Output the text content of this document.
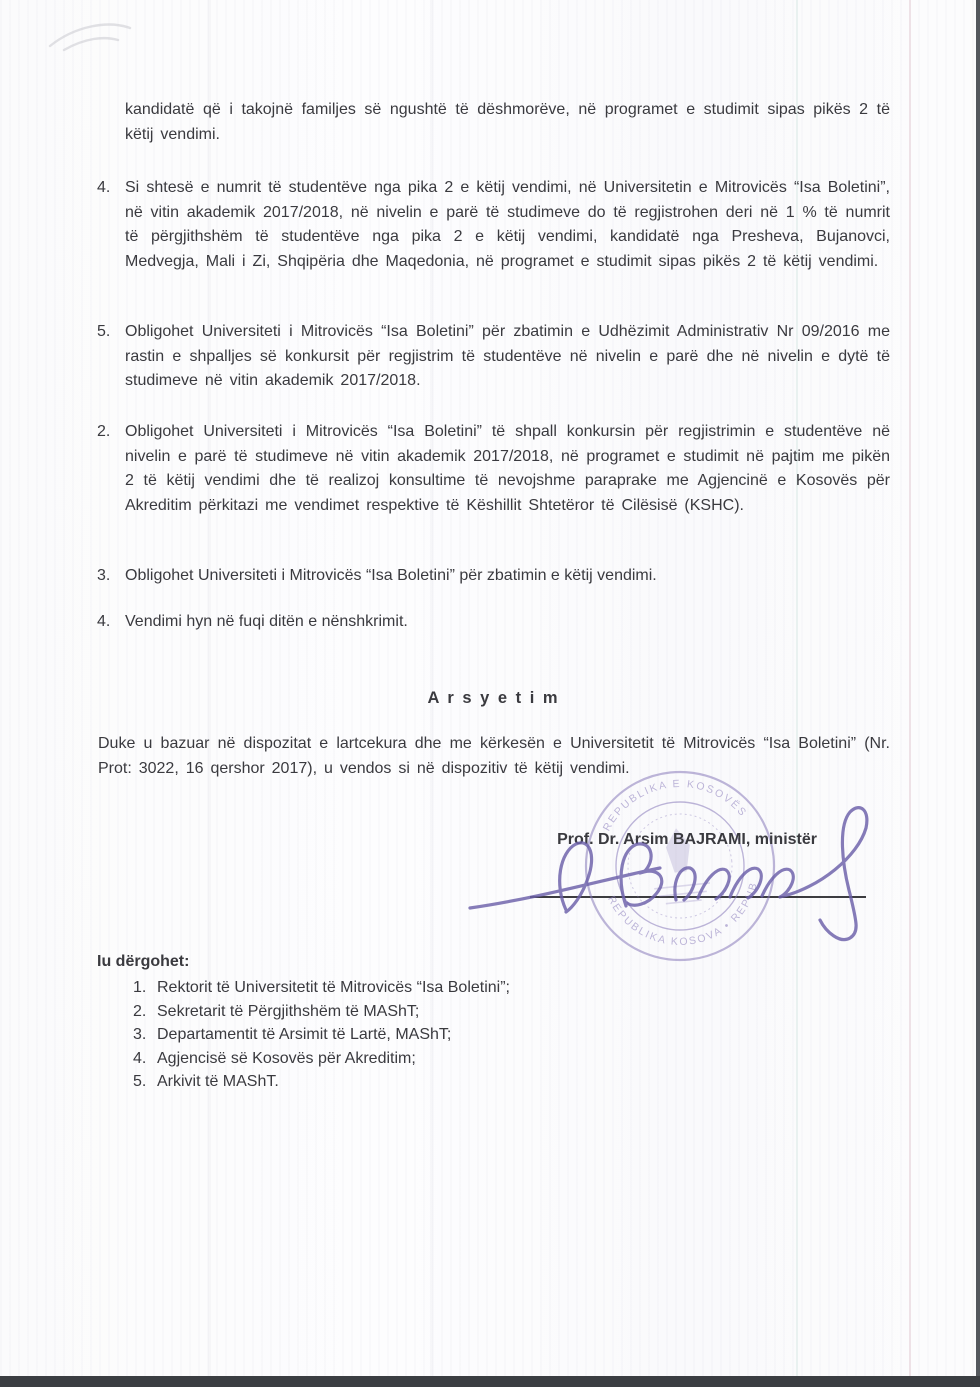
kandidatë që i takojnë familjes së ngushtë të dëshmorëve, në programet e studimit sipas pikës 2 të këtij vendimi.
4. Si shtesë e numrit të studentëve nga pika 2 e këtij vendimi, në Universitetin e Mitrovicës “Isa Boletini”, në vitin akademik 2017/2018, në nivelin e parë të studimeve do të regjistrohen deri në 1 % të numrit të përgjithshëm të studentëve nga pika 2 e këtij vendimi, kandidatë nga Presheva, Bujanovci, Medvegja, Mali i Zi, Shqipëria dhe Maqedonia, në programet e studimit sipas pikës 2 të këtij vendimi.
5. Obligohet Universiteti i Mitrovicës “Isa Boletini” për zbatimin e Udhëzimit Administrativ Nr 09/2016 me rastin e shpalljes së konkursit për regjistrim të studentëve në nivelin e parë dhe në nivelin e dytë të studimeve në vitin akademik 2017/2018.
2. Obligohet Universiteti i Mitrovicës “Isa Boletini” të shpall konkursin për regjistrimin e studentëve në nivelin e parë të studimeve në vitin akademik 2017/2018, në programet e studimit në pajtim me pikën 2 të këtij vendimi dhe të realizoj konsultime të nevojshme paraprake me Agjencinë e Kosovës për Akreditim përkitazi me vendimet respektive të Këshillit Shtetëror të Cilësisë (KSHC).
3. Obligohet Universiteti i Mitrovicës “Isa Boletini” për zbatimin e këtij vendimi.
4. Vendimi hyn në fuqi ditën e nënshkrimit.
A r s y e t i m
Duke u bazuar në dispozitat e lartcekura dhe me kërkesën e Universitetit të Mitrovicës “Isa Boletini” (Nr. Prot: 3022, 16 qershor 2017), u vendos si në dispozitiv të këtij vendimi.
Prof. Dr. Arsim BAJRAMI, ministër
REPUBLIKA E KOSOVËS
REPUBLIKA KOSOVA • REPUB
Iu dërgohet:
1. Rektorit të Universitetit të Mitrovicës “Isa Boletini”;
2. Sekretarit të Përgjithshëm të MAShT;
3. Departamentit të Arsimit të Lartë, MAShT;
4. Agjencisë së Kosovës për Akreditim;
5. Arkivit të MAShT.
